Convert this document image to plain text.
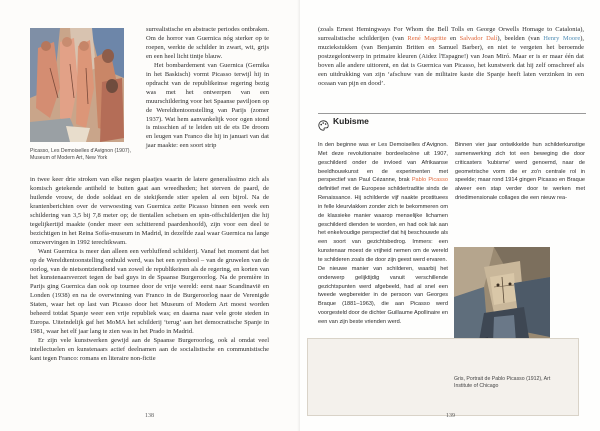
Picasso, Les Demoiselles d'Avignon (1907),
Museum of Modern Art, New York

surrealistische en abstracte periodes ontbraken. Om de horror van Guernica nóg sterker op te roepen, werkte de schilder in zwart, wit, grijs en een heel licht tintje blauw.

Het bombardement van Guernica (Gernika in het Baskisch) vormt Picasso terwijl hij in opdracht van de republikeinse regering bezig was met het ontwerpen van een muurschildering voor het Spaanse paviljoen op de Wereldtentoonstelling van Parijs (zomer 1937). Wat hem aanvankelijk voor ogen stond is misschien af te leiden uit de ets De droom en leugen van Franco die hij in januari van dat jaar maakte: een soort strip

in twee keer drie stroken van elke negen plaatjes waarin de latere generalíssimo zich als komisch getekende antiheld te buiten gaat aan wreedheden; het sterven de paard, de huilende vrouw, de dode soldaat en de stekijkende stier spelen al een bijrol. Na de krantenberichten over de verwoesting van Guernica zette Picasso binnen een week een schildering van 3,5 bij 7,8 meter op; de tientallen schetsen en spin-offschilderijen die hij tegelijkertijd maakte (onder meer een schitterend paardenhoofd), zijn voor een deel te bezichtigen in het Reina Sofía-museum in Madrid, in dezelfde zaal waar Guernica na lange omzwervingen in 1992 terechtkwam.

Want Guernica is meer dan alleen een verbluffend schilderij. Vanaf het moment dat het op de Wereldtentoonstelling onthuld werd, was het een symbool – van de gruwelen van de oorlog, van de nietsontziendheid van zowel de republikeinen als de regering, en korten van het kunstenaarsverzet tegen de bad guys in de Spaanse Burgeroorlog. Na de première in Parijs ging Guernica dan ook op tournee door de vrije wereld: eerst naar Scandinavië en Londen (1938) en na de overwinning van Franco in de Burgeroorlog naar de Verenigde Staten, waar het op last van Picasso door het Museum of Modern Art moest worden beheerd totdat Spanje weer een vrije republiek was; en daarna naar vele grote steden in Europa. Uiteindelijk gaf het MoMA het schilderij ‘terug’ aan het democratische Spanje in 1981, waar het elf jaar lang te zien was in het Prado in Madrid.

Er zijn vele kunstwerken gewijd aan de Spaanse Burgeroorlog, ook al omdat veel intellectuelen en kunstenaars actief deelnamen aan de socialistische en communistische kant tegen Franco: romans en literaire non-fictie

138

(zoals Ernest Hemingways For Whom the Bell Tolls en George Orwells Homage to Catalonia), surrealistische schilderijen (van René Magritte en Salvador Dalí), beelden (van Henry Moore), muziekstukken (van Benjamin Britten en Samuel Barber), en niet te vergeten het beroemde postzegelontwerp in primaire kleuren (Aidez l'Espagne!) van Joan Miró. Maar er is er maar één dat boven alle andere uittorent, en dat is Guernica van Picasso, het kunstwerk dat hij zelf omschreef als een uitdrukking van zijn ‘afschuw van de militaire kaste die Spanje heeft laten verzinken in een oceaan van pijn en dood’.

Kubisme

In den beginne was er Les Demoiselles d'Avignon. Met deze revolutionaire bordeelscène uit 1907, geschilderd onder de invloed van Afrikaanse beeldhouwkunst en de experimenten met perspectief van Paul Cézanne, brak Pablo Picasso definitief met de Europese schildertraditie sinds de Renaissance. Hij schilderde vijf naakte prostituees in felle kleurvlakken zonder zich te bekommeren om de klassieke manier waarop menselijke lichamen geschilderd dienden te worden, en had ook lak aan het enkelvoudige perspectief dat hij beschouwde als een soort van gezichtsbedrog. Immers: een kunstenaar moest de vrijheid nemen om de wereld te schilderen zoals die door zijn geest werd ervaren.

De nieuwe manier van schilderen, waarbij het onderwerp gelijktijdig vanuit verschillende gezichtspunten werd afgebeeld, had al snel een tweede wegbereider in de persoon van Georges Braque (1881–1963), die aan Picasso werd voorgesteld door de dichter Guillaume Apollinaire en een van zijn beste vrienden werd.

Binnen vier jaar ontwikkelde hun schilderkunstige samenwerking zich tot een beweging die door criticasters ‘kubisme’ werd genoemd, naar de geometrische vorm die er zo'n centrale rol in speelde; maar rond 1914 gingen Picasso en Braque alweer een stap verder door te werken met driedimensionale collages die een nieuw rea-

Gris, Portrait de Pablo Picasso (1912), Art
Institute of Chicago
139
